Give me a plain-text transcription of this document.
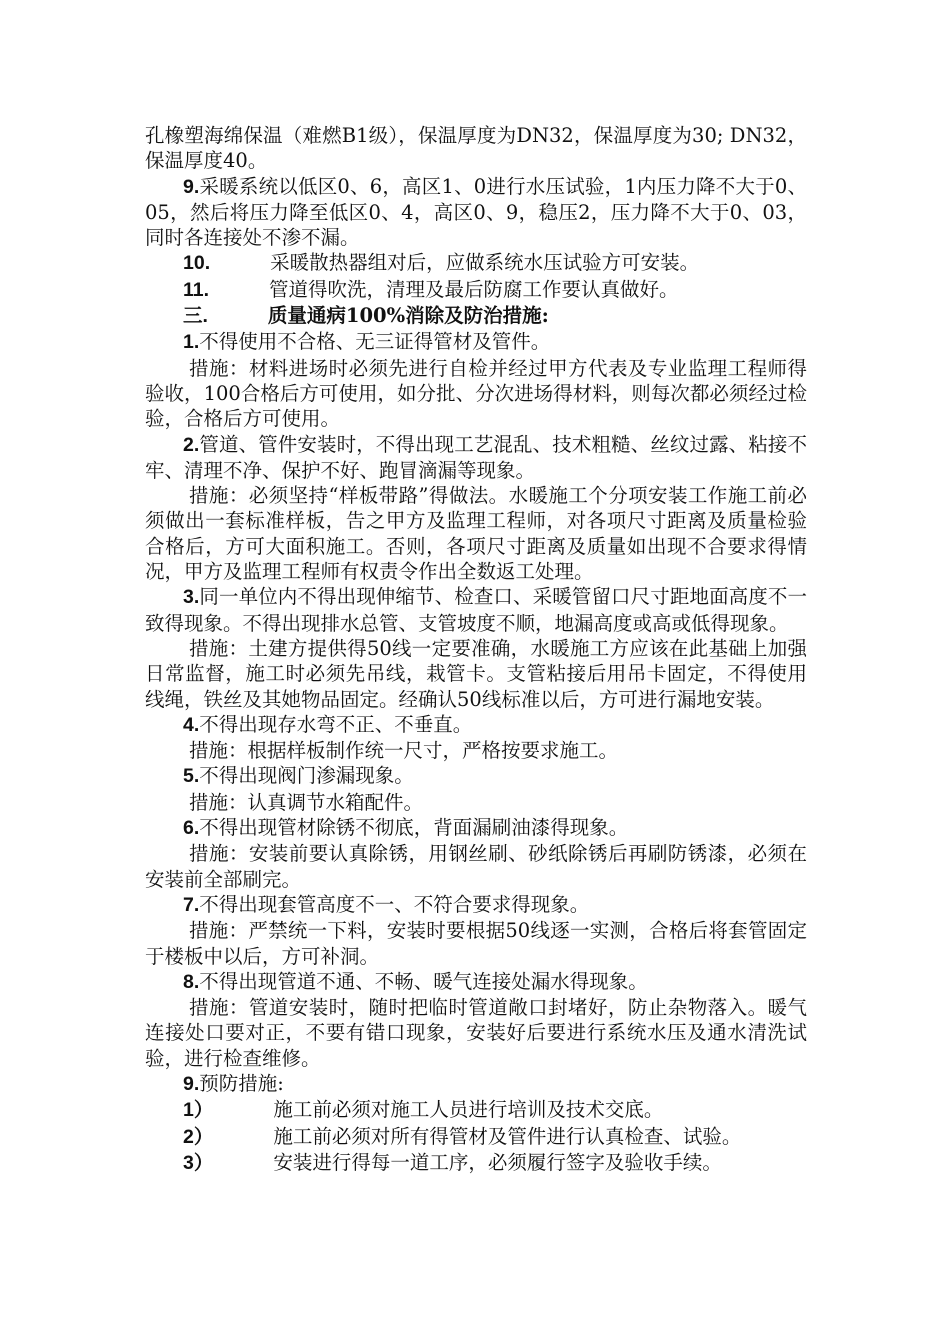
孔橡塑海绵保温（难燃B1级），保温厚度为DN32，保温厚度为30; DN32，保温厚度40。

9.采暖系统以低区0、6，高区1、0进行水压试验，1内压力降不大于0、05，然后将压力降至低区0、4，高区0、9，稳压2，压力降不大于0、03，同时各连接处不渗不漏。

10.	采暖散热器组对后，应做系统水压试验方可安装。

11.	管道得吹洗，清理及最后防腐工作要认真做好。

三.	质量通病100%消除及防治措施:

1.不得使用不合格、无三证得管材及管件。

措施：材料进场时必须先进行自检并经过甲方代表及专业监理工程师得验收，100合格后方可使用，如分批、分次进场得材料，则每次都必须经过检验，合格后方可使用。

2.管道、管件安装时，不得出现工艺混乱、技术粗糙、丝纹过露、粘接不牢、清理不净、保护不好、跑冒滴漏等现象。

措施：必须坚持“样板带路”得做法。水暖施工个分项安装工作施工前必须做出一套标准样板，告之甲方及监理工程师，对各项尺寸距离及质量检验合格后，方可大面积施工。否则，各项尺寸距离及质量如出现不合要求得情况，甲方及监理工程师有权责令作出全数返工处理。

3.同一单位内不得出现伸缩节、检查口、采暖管留口尺寸距地面高度不一致得现象。不得出现排水总管、支管坡度不顺，地漏高度或高或低得现象。

措施：土建方提供得50线一定要准确，水暖施工方应该在此基础上加强日常监督，施工时必须先吊线，栽管卡。支管粘接后用吊卡固定，不得使用线绳，铁丝及其她物品固定。经确认50线标准以后，方可进行漏地安装。

4.不得出现存水弯不正、不垂直。

措施：根据样板制作统一尺寸，严格按要求施工。

5.不得出现阀门渗漏现象。

措施：认真调节水箱配件。

6.不得出现管材除锈不彻底，背面漏刷油漆得现象。

措施：安装前要认真除锈，用钢丝刷、砂纸除锈后再刷防锈漆，必须在安装前全部刷完。

7.不得出现套管高度不一、不符合要求得现象。

措施：严禁统一下料，安装时要根据50线逐一实测，合格后将套管固定于楼板中以后，方可补洞。

8.不得出现管道不通、不畅、暖气连接处漏水得现象。

措施：管道安装时，随时把临时管道敞口封堵好，防止杂物落入。暖气连接处口要对正，不要有错口现象，安装好后要进行系统水压及通水清洗试验，进行检查维修。

9.预防措施:

1）	施工前必须对施工人员进行培训及技术交底。

2）	施工前必须对所有得管材及管件进行认真检查、试验。

3）	安装进行得每一道工序，必须履行签字及验收手续。
